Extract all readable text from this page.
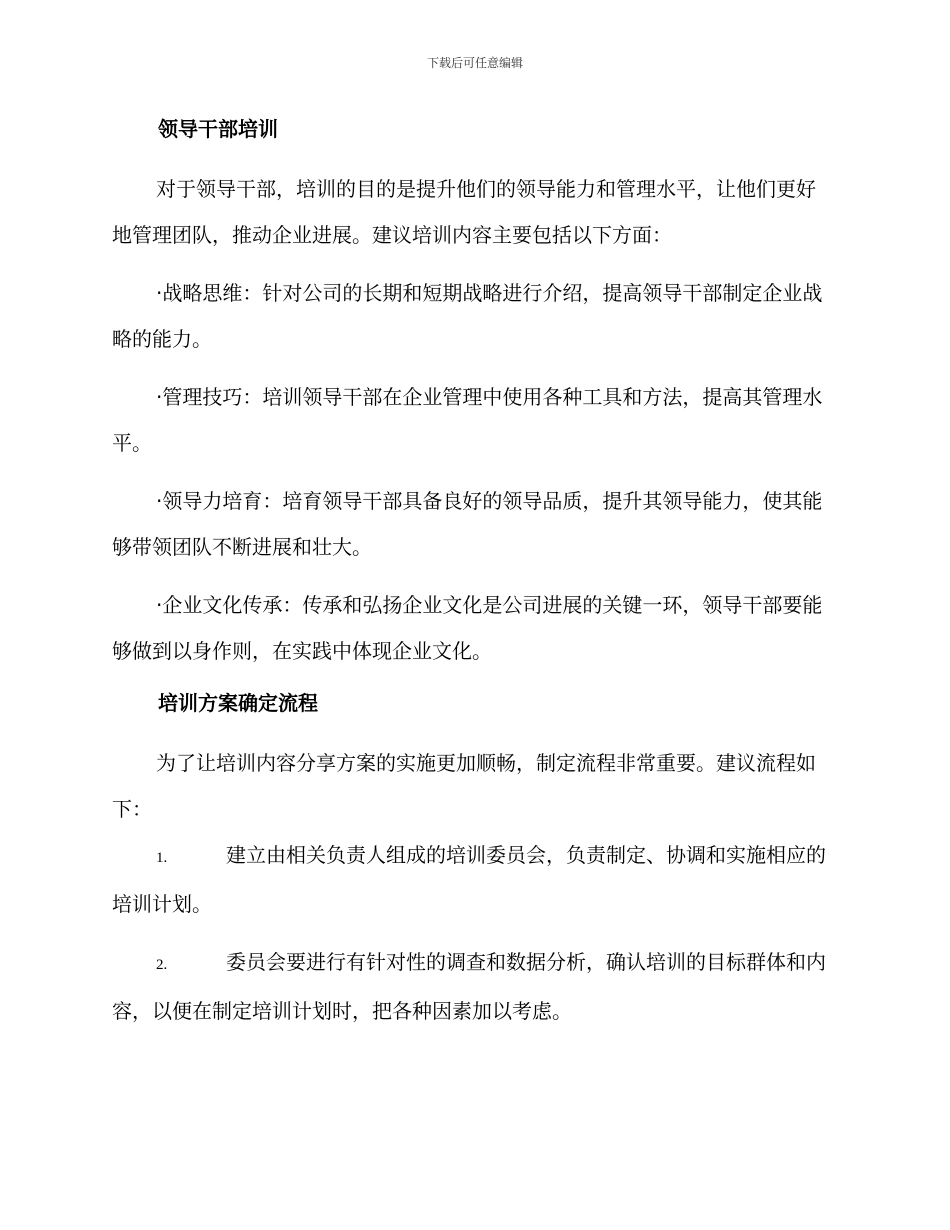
下载后可任意编辑
领导干部培训

对于领导干部，培训的目的是提升他们的领导能力和管理水平，让他们更好地管理团队，推动企业进展。建议培训内容主要包括以下方面：

·战略思维：针对公司的长期和短期战略进行介绍，提高领导干部制定企业战略的能力。

·管理技巧：培训领导干部在企业管理中使用各种工具和方法，提高其管理水平。

·领导力培育：培育领导干部具备良好的领导品质，提升其领导能力，使其能够带领团队不断进展和壮大。

·企业文化传承：传承和弘扬企业文化是公司进展的关键一环，领导干部要能够做到以身作则，在实践中体现企业文化。

培训方案确定流程

为了让培训内容分享方案的实施更加顺畅，制定流程非常重要。建议流程如下：

1.	建立由相关负责人组成的培训委员会，负责制定、协调和实施相应的培训计划。

2.	委员会要进行有针对性的调查和数据分析，确认培训的目标群体和内容，以便在制定培训计划时，把各种因素加以考虑。
